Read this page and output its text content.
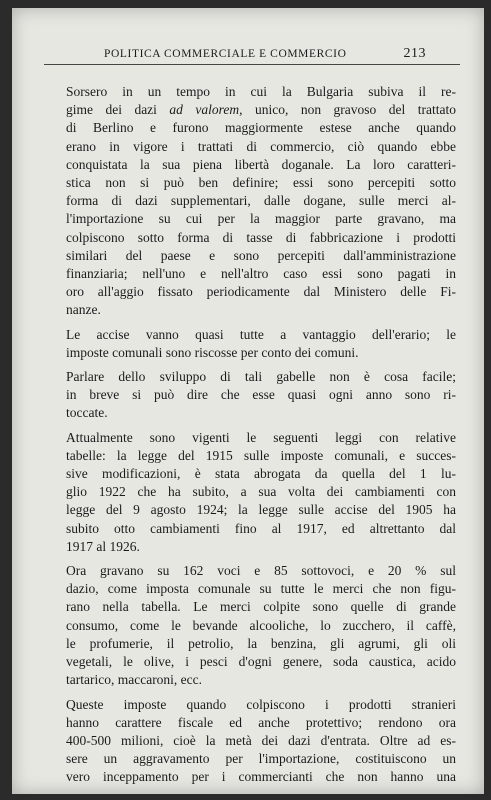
POLITICA COMMERCIALE E COMMERCIO	213

Sorsero in un tempo in cui la Bulgaria subiva il re-
gime dei dazi ad valorem, unico, non gravoso del trattato
di Berlino e furono maggiormente estese anche quando
erano in vigore i trattati di commercio, ciò quando ebbe
conquistata la sua piena libertà doganale. La loro caratteri-
stica non si può ben definire; essi sono percepiti sotto
forma di dazi supplementari, dalle dogane, sulle merci al-
l'importazione su cui per la maggior parte gravano, ma
colpiscono sotto forma di tasse di fabbricazione i prodotti
similari del paese e sono percepiti dall'amministrazione
finanziaria; nell'uno e nell'altro caso essi sono pagati in
oro all'aggio fissato periodicamente dal Ministero delle Fi-
nanze.

Le accise vanno quasi tutte a vantaggio dell'erario; le
imposte comunali sono riscosse per conto dei comuni.

Parlare dello sviluppo di tali gabelle non è cosa facile;
in breve si può dire che esse quasi ogni anno sono ri-
toccate.

Attualmente sono vigenti le seguenti leggi con relative
tabelle: la legge del 1915 sulle imposte comunali, e succes-
sive modificazioni, è stata abrogata da quella del 1 lu-
glio 1922 che ha subito, a sua volta dei cambiamenti con
legge del 9 agosto 1924; la legge sulle accise del 1905 ha
subito otto cambiamenti fino al 1917, ed altrettanto dal
1917 al 1926.

Ora gravano su 162 voci e 85 sottovoci, e 20 % sul
dazio, come imposta comunale su tutte le merci che non figu-
rano nella tabella. Le merci colpite sono quelle di grande
consumo, come le bevande alcooliche, lo zucchero, il caffè,
le profumerie, il petrolio, la benzina, gli agrumi, gli oli
vegetali, le olive, i pesci d'ogni genere, soda caustica, acido
tartarico, maccaroni, ecc.

Queste imposte quando colpiscono i prodotti stranieri
hanno carattere fiscale ed anche protettivo; rendono ora
400-500 milioni, cioè la metà dei dazi d'entrata. Oltre ad es-
sere un aggravamento per l'importazione, costituiscono un
vero inceppamento per i commercianti che non hanno una
